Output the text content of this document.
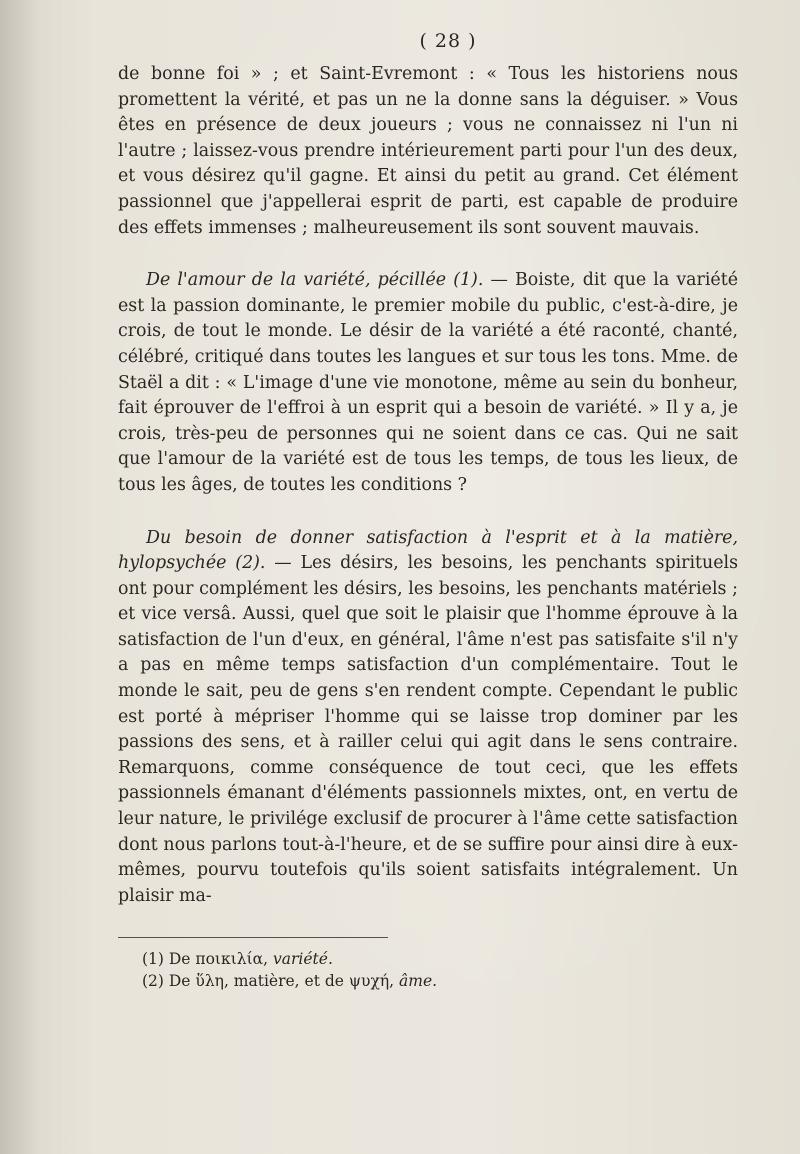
( 28 )

de bonne foi » ; et Saint-Evremont : « Tous les historiens nous promettent la vérité, et pas un ne la donne sans la déguiser. » Vous êtes en présence de deux joueurs ; vous ne connaissez ni l'un ni l'autre ; laissez-vous prendre intérieurement parti pour l'un des deux, et vous désirez qu'il gagne. Et ainsi du petit au grand. Cet élément passionnel que j'appellerai esprit de parti, est capable de produire des effets immenses ; malheureusement ils sont souvent mauvais.

De l'amour de la variété, pécillée (1). — Boiste, dit que la variété est la passion dominante, le premier mobile du public, c'est-à-dire, je crois, de tout le monde. Le désir de la variété a été raconté, chanté, célébré, critiqué dans toutes les langues et sur tous les tons. Mme. de Staël a dit : « L'image d'une vie monotone, même au sein du bonheur, fait éprouver de l'effroi à un esprit qui a besoin de variété. » Il y a, je crois, très-peu de personnes qui ne soient dans ce cas. Qui ne sait que l'amour de la variété est de tous les temps, de tous les lieux, de tous les âges, de toutes les conditions ?

Du besoin de donner satisfaction à l'esprit et à la matière, hylopsychée (2). — Les désirs, les besoins, les penchants spirituels ont pour complément les désirs, les besoins, les penchants matériels ; et vice versâ. Aussi, quel que soit le plaisir que l'homme éprouve à la satisfaction de l'un d'eux, en général, l'âme n'est pas satisfaite s'il n'y a pas en même temps satisfaction d'un complémentaire. Tout le monde le sait, peu de gens s'en rendent compte. Cependant le public est porté à mépriser l'homme qui se laisse trop dominer par les passions des sens, et à railler celui qui agit dans le sens contraire. Remarquons, comme conséquence de tout ceci, que les effets passionnels émanant d'éléments passionnels mixtes, ont, en vertu de leur nature, le privilége exclusif de procurer à l'âme cette satisfaction dont nous parlons tout-à-l'heure, et de se suffire pour ainsi dire à eux-mêmes, pourvu toutefois qu'ils soient satisfaits intégralement. Un plaisir ma-

(1) De ποικιλία, variété.
(2) De ὕλη, matière, et de ψυχή, âme.
